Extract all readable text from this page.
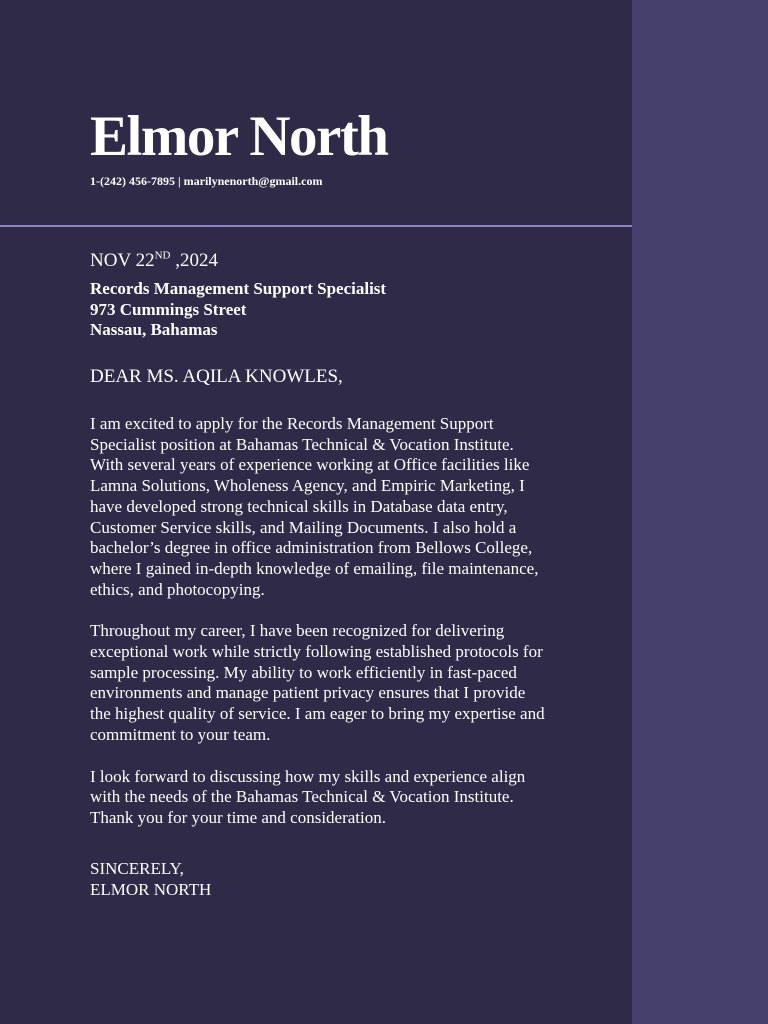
Elmor North
1-(242) 456-7895 | marilynenorth@gmail.com
NOV 22ND ,2024
Records Management Support Specialist
973 Cummings Street
Nassau, Bahamas
DEAR MS. AQILA KNOWLES,

I am excited to apply for the Records Management Support Specialist position at Bahamas Technical & Vocation Institute. With several years of experience working at Office facilities like Lamna Solutions, Wholeness Agency, and Empiric Marketing, I have developed strong technical skills in Database data entry, Customer Service skills, and Mailing Documents. I also hold a bachelor’s degree in office administration from Bellows College, where I gained in-depth knowledge of emailing, file maintenance, ethics, and photocopying.

Throughout my career, I have been recognized for delivering exceptional work while strictly following established protocols for sample processing. My ability to work efficiently in fast-paced environments and manage patient privacy ensures that I provide the highest quality of service. I am eager to bring my expertise and commitment to your team.

I look forward to discussing how my skills and experience align with the needs of the Bahamas Technical & Vocation Institute. Thank you for your time and consideration.

SINCERELY,
ELMOR NORTH
